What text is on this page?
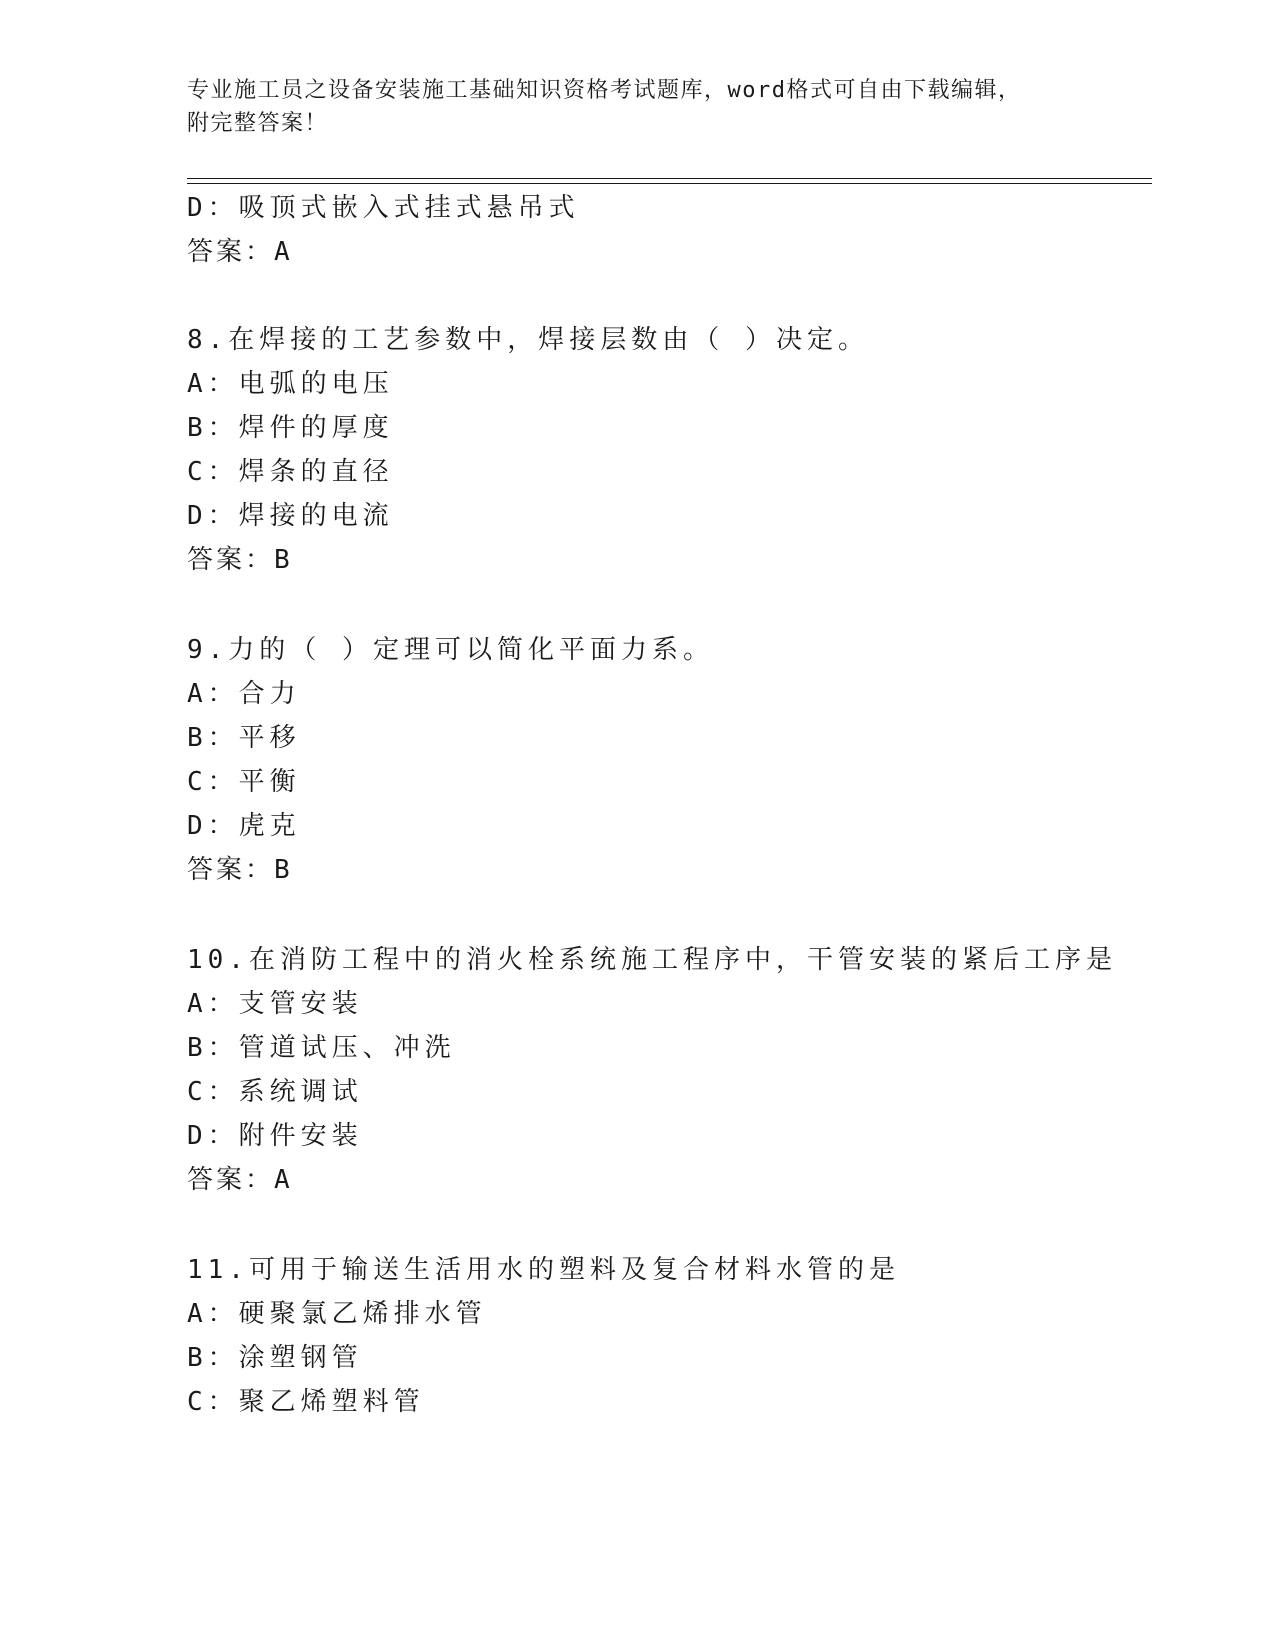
专业施工员之设备安装施工基础知识资格考试题库，word格式可自由下载编辑，
附完整答案！
D：吸顶式嵌入式挂式悬吊式
答案：A
8.在焊接的工艺参数中，焊接层数由（ ）决定。
A：电弧的电压
B：焊件的厚度
C：焊条的直径
D：焊接的电流
答案：B
9.力的（ ）定理可以简化平面力系。
A：合力
B：平移
C：平衡
D：虎克
答案：B
10.在消防工程中的消火栓系统施工程序中，干管安装的紧后工序是
A：支管安装
B：管道试压、冲洗
C：系统调试
D：附件安装
答案：A
11.可用于输送生活用水的塑料及复合材料水管的是
A：硬聚氯乙烯排水管
B：涂塑钢管
C：聚乙烯塑料管
